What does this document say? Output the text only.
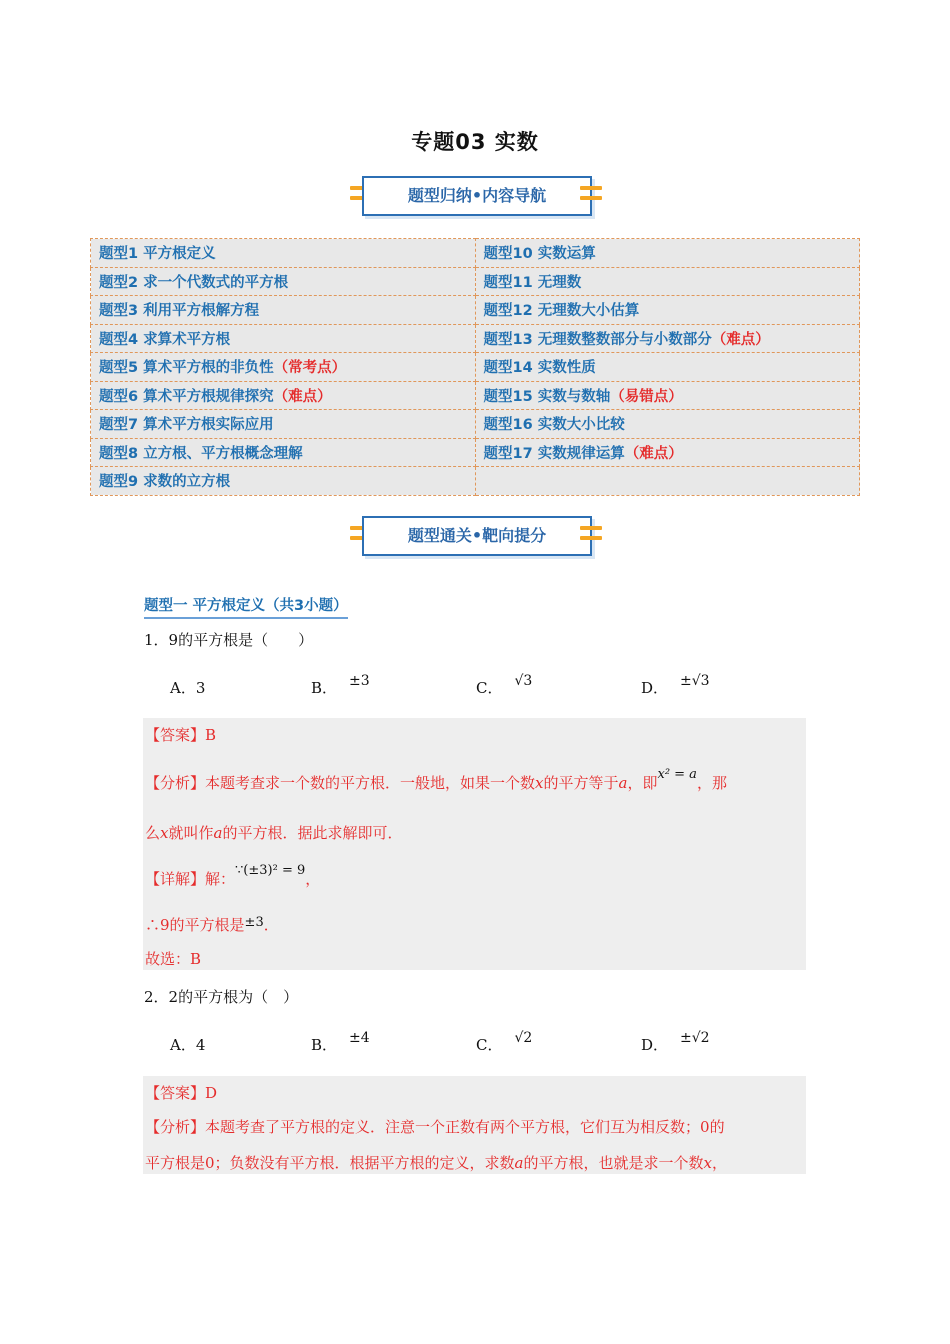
专题03 实数
题型归纳•内容导航
题型1 平方根定义	题型10 实数运算
题型2 求一个代数式的平方根	题型11 无理数
题型3 利用平方根解方程	题型12 无理数大小估算
题型4 求算术平方根	题型13 无理数整数部分与小数部分（难点）
题型5 算术平方根的非负性（常考点）	题型14 实数性质
题型6 算术平方根规律探究（难点）	题型15 实数与数轴（易错点）
题型7 算术平方根实际应用	题型16 实数大小比较
题型8 立方根、平方根概念理解	题型17 实数规律运算（难点）
题型9 求数的立方根	
题型通关•靶向提分
题型一 平方根定义（共3小题）
1．9的平方根是（　　）
A．3	B． $^{\pm 3}$	C． $^{√3}$	D． $^{\pm√3}$
【答案】B
【分析】本题考查求一个数的平方根．一般地，如果一个数x的平方等于a，即x² = a，那
么x就叫作a的平方根．据此求解即可．
【详解】解：∵(±3)² = 9，
∴9的平方根是±3．
故选：B
2．2的平方根为（　）
A．4	B． $^{\pm 4}$	C． $^{√2}$	D． $^{\pm√2}$
【答案】D
【分析】本题考查了平方根的定义．注意一个正数有两个平方根，它们互为相反数；0的
平方根是0；负数没有平方根．根据平方根的定义，求数a的平方根，也就是求一个数x，
